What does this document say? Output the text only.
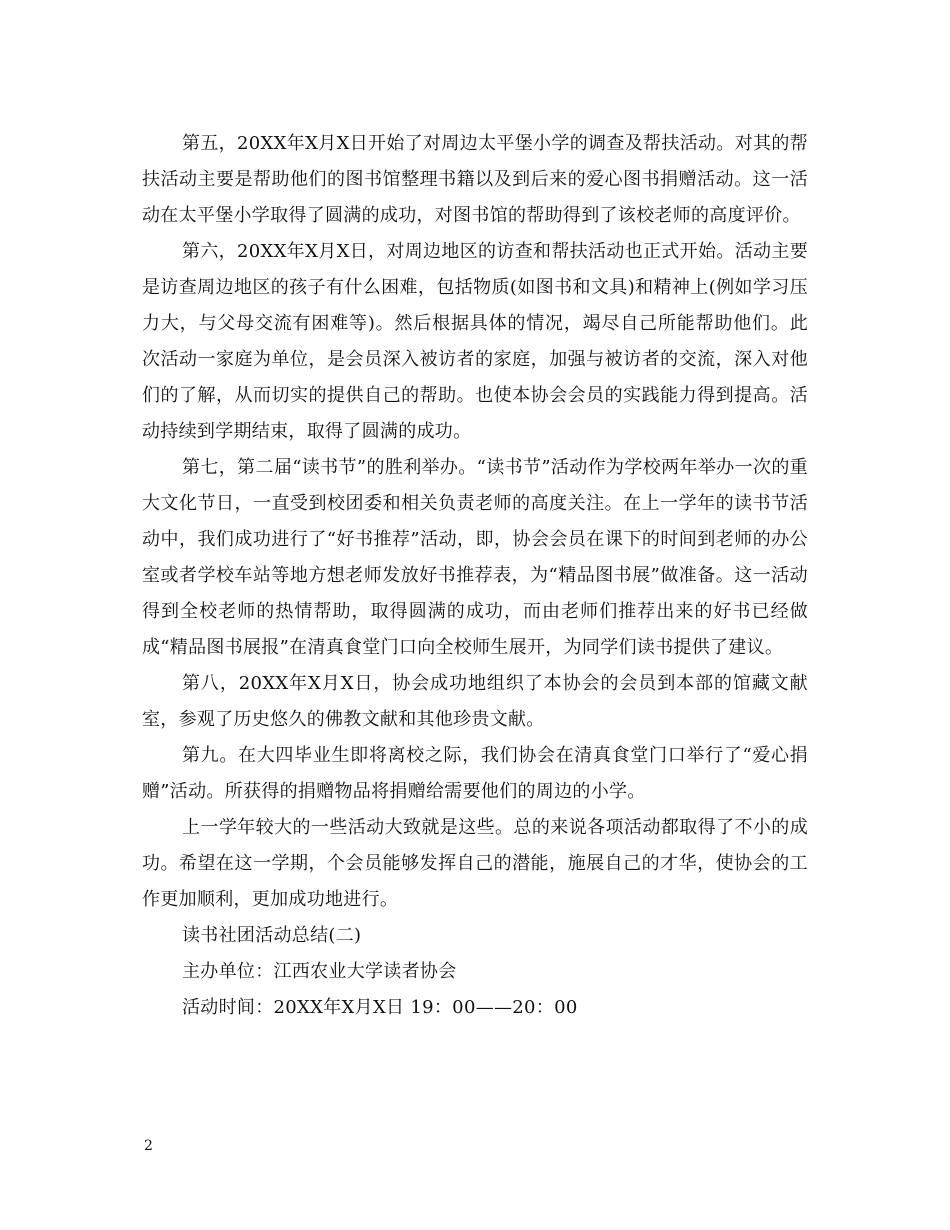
第五，20XX年X月X日开始了对周边太平堡小学的调查及帮扶活动。对其的帮扶活动主要是帮助他们的图书馆整理书籍以及到后来的爱心图书捐赠活动。这一活动在太平堡小学取得了圆满的成功，对图书馆的帮助得到了该校老师的高度评价。

第六，20XX年X月X日，对周边地区的访查和帮扶活动也正式开始。活动主要是访查周边地区的孩子有什么困难，包括物质(如图书和文具)和精神上(例如学习压力大，与父母交流有困难等)。然后根据具体的情况，竭尽自己所能帮助他们。此次活动一家庭为单位，是会员深入被访者的家庭，加强与被访者的交流，深入对他们的了解，从而切实的提供自己的帮助。也使本协会会员的实践能力得到提高。活动持续到学期结束，取得了圆满的成功。

第七，第二届“读书节”的胜利举办。“读书节”活动作为学校两年举办一次的重大文化节日，一直受到校团委和相关负责老师的高度关注。在上一学年的读书节活动中，我们成功进行了“好书推荐”活动，即，协会会员在课下的时间到老师的办公室或者学校车站等地方想老师发放好书推荐表，为“精品图书展”做准备。这一活动得到全校老师的热情帮助，取得圆满的成功，而由老师们推荐出来的好书已经做成“精品图书展报”在清真食堂门口向全校师生展开，为同学们读书提供了建议。

第八，20XX年X月X日，协会成功地组织了本协会的会员到本部的馆藏文献室，参观了历史悠久的佛教文献和其他珍贵文献。

第九。在大四毕业生即将离校之际，我们协会在清真食堂门口举行了“爱心捐赠”活动。所获得的捐赠物品将捐赠给需要他们的周边的小学。

上一学年较大的一些活动大致就是这些。总的来说各项活动都取得了不小的成功。希望在这一学期，个会员能够发挥自己的潜能，施展自己的才华，使协会的工作更加顺利，更加成功地进行。

读书社团活动总结(二)

主办单位：江西农业大学读者协会

活动时间：20XX年X月X日 19：00——20：00

2
